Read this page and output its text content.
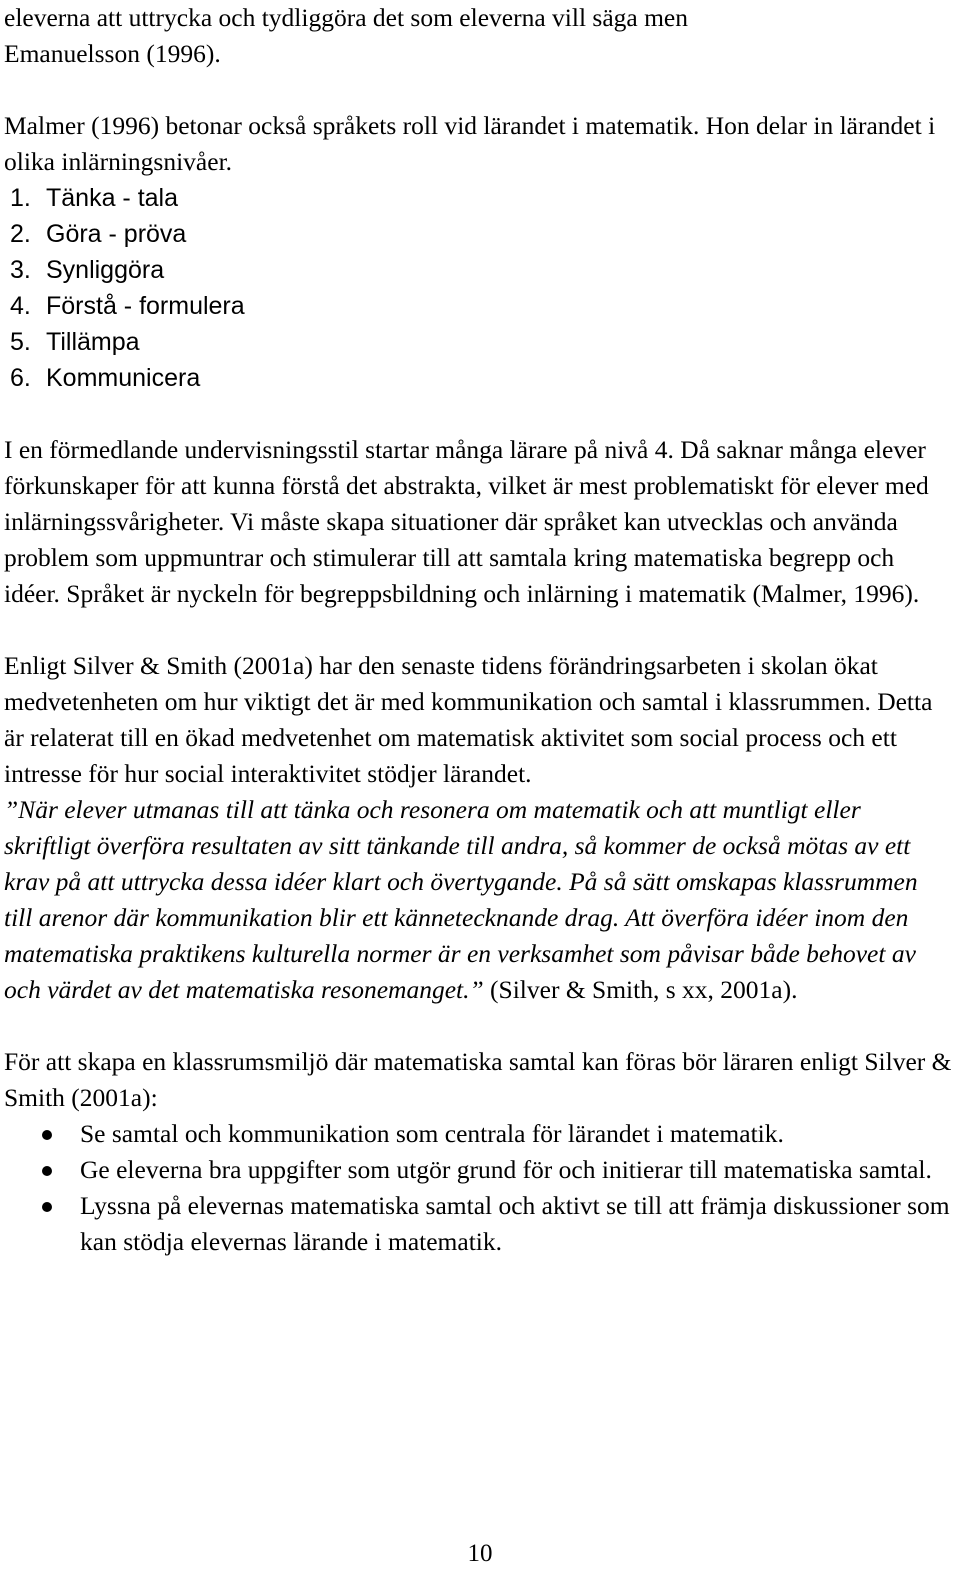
eleverna att uttrycka och tydliggöra det som eleverna vill säga men
Emanuelsson (1996).

Malmer (1996) betonar också språkets roll vid lärandet i matematik. Hon delar in lärandet i olika inlärningsnivåer.

1. Tänka - tala
2. Göra - pröva
3. Synliggöra
4. Förstå - formulera
5. Tillämpa
6. Kommunicera

I en förmedlande undervisningsstil startar många lärare på nivå 4. Då saknar många elever förkunskaper för att kunna förstå det abstrakta, vilket är mest problematiskt för elever med inlärningssvårigheter. Vi måste skapa situationer där språket kan utvecklas och använda problem som uppmuntrar och stimulerar till att samtala kring matematiska begrepp och idéer. Språket är nyckeln för begreppsbildning och inlärning i matematik (Malmer, 1996).

Enligt Silver & Smith (2001a) har den senaste tidens förändringsarbeten i skolan ökat medvetenheten om hur viktigt det är med kommunikation och samtal i klassrummen. Detta är relaterat till en ökad medvetenhet om matematisk aktivitet som social process och ett intresse för hur social interaktivitet stödjer lärandet.

”När elever utmanas till att tänka och resonera om matematik och att muntligt eller skriftligt överföra resultaten av sitt tänkande till andra, så kommer de också mötas av ett krav på att uttrycka dessa idéer klart och övertygande. På så sätt omskapas klassrummen till arenor där kommunikation blir ett kännetecknande drag. Att överföra idéer inom den matematiska praktikens kulturella normer är en verksamhet som påvisar både behovet av och värdet av det matematiska resonemanget.” (Silver & Smith, s xx, 2001a).

För att skapa en klassrumsmiljö där matematiska samtal kan föras bör läraren enligt Silver & Smith (2001a):

Se samtal och kommunikation som centrala för lärandet i matematik.
Ge eleverna bra uppgifter som utgör grund för och initierar till matematiska samtal.
Lyssna på elevernas matematiska samtal och aktivt se till att främja diskussioner som kan stödja elevernas lärande i matematik.
10
